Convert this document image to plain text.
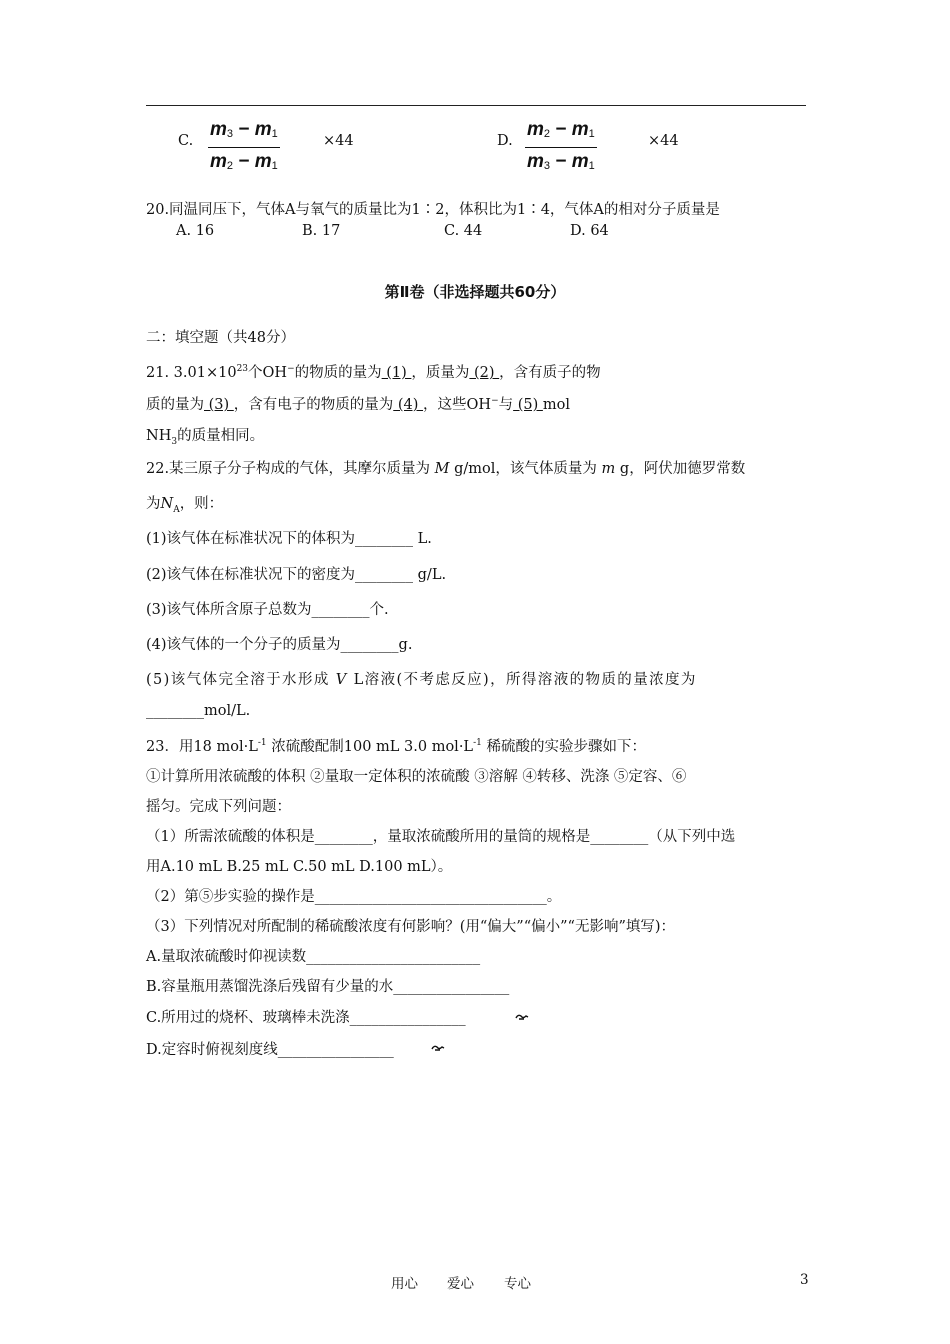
C.
$m_3 - m_1$
$m_2 - m_1$
×44	D.
$m_2 - m_1$
$m_3 - m_1$
×44
20.同温同压下，气体A与氧气的质量比为1∶2，体积比为1∶4，气体A的相对分子质量是
A. 16	B. 17	C. 44	D. 64
第Ⅱ卷（非选择题共60分）
二：填空题（共48分）
21. $3.01\times 10^{23}$个OH−的物质的量为 (1) ，质量为 (2) ，含有质子的物
质的量为 (3) ，含有电子的物质的量为 (4) ，这些OH−与 (5) mol
$NH_3$的质量相同。
22.某三原子分子构成的气体，其摩尔质量为 M g/mol，该气体质量为 m g，阿伏加德罗常数
为$N_A$，则：
(1)该气体在标准状况下的体积为________ L.
(2)该气体在标准状况下的密度为________ g/L.
(3)该气体所含原子总数为________个.
(4)该气体的一个分子的质量为________g.
(5)该气体完全溶于水形成 V L溶液(不考虑反应)，所得溶液的物质的量浓度为
________mol/L.
23．用18 $mol\cdot L^{-1}$ 浓硫酸配制100 mL 3.0 $mol\cdot L^{-1}$ 稀硫酸的实验步骤如下：
①计算所用浓硫酸的体积 ②量取一定体积的浓硫酸 ③溶解 ④转移、洗涤 ⑤定容、⑥
摇匀。完成下列问题：
（1）所需浓硫酸的体积是________，量取浓硫酸所用的量筒的规格是________（从下列中选
用A.10 mL B.25 mL C.50 mL D.100 mL）。
（2）第⑤步实验的操作是________________________________。
（3）下列情况对所配制的稀硫酸浓度有何影响？(用“偏大”“偏小”“无影响”填写)：
A.量取浓硫酸时仰视读数________________________
B.容量瓶用蒸馏洗涤后残留有少量的水________________
C.所用过的烧杯、玻璃棒未洗涤________________
D.定容时俯视刻度线________________
用心 爱心 专心	3
